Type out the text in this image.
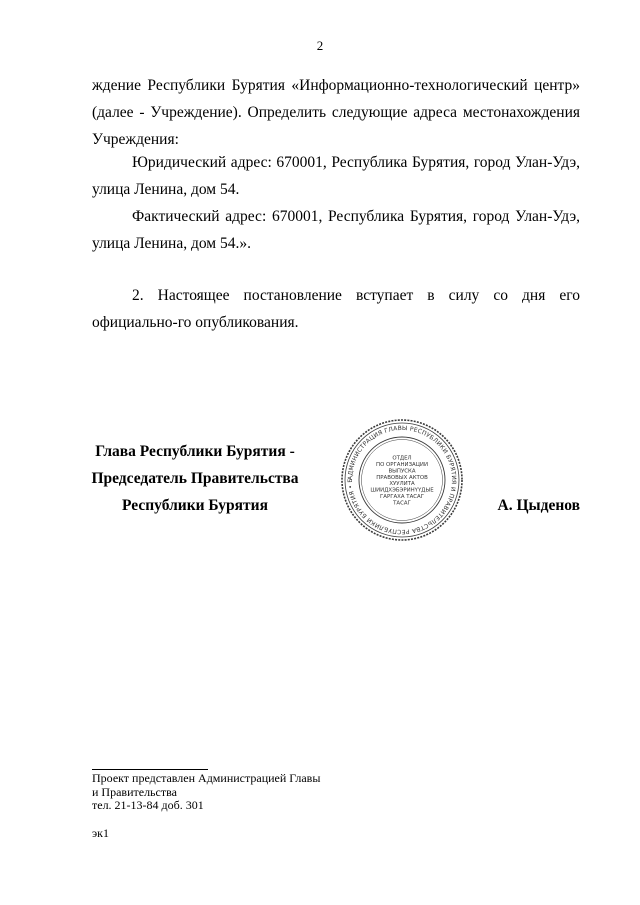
2

ждение Республики Бурятия «Информационно-технологический центр» (далее - Учреждение). Определить следующие адреса местонахождения Учреждения:

Юридический адрес: 670001, Республика Бурятия, город Улан-Удэ, улица Ленина, дом 54.

Фактический адрес: 670001, Республика Бурятия, город Улан-Удэ, улица Ленина, дом 54.».

2. Настоящее постановление вступает в силу со дня его официально-го опубликования.

Глава Республики Бурятия -
Председатель Правительства
Республики Бурятия
АДМИНИСТРАЦИЯ ГЛАВЫ РЕСПУБЛИКИ БУРЯТИЯ И ПРАВИТЕЛЬСТВА РЕСПУБЛИКИ БУРЯТИЯ • Б
ОТДЕЛ
ПО ОРГАНИЗАЦИИ
ВЫПУСКА
ПРАВОВЫХ АКТОВ
ХУУЛИТА
ШИИДХЭБЭРИНҮҮДЫЕ
ГАРГАХА ТАСАГ
ТАСАГ	А. Цыденов
Проект представлен Администрацией Главы
и Правительства
тел. 21-13-84 доб. 301
эк1
